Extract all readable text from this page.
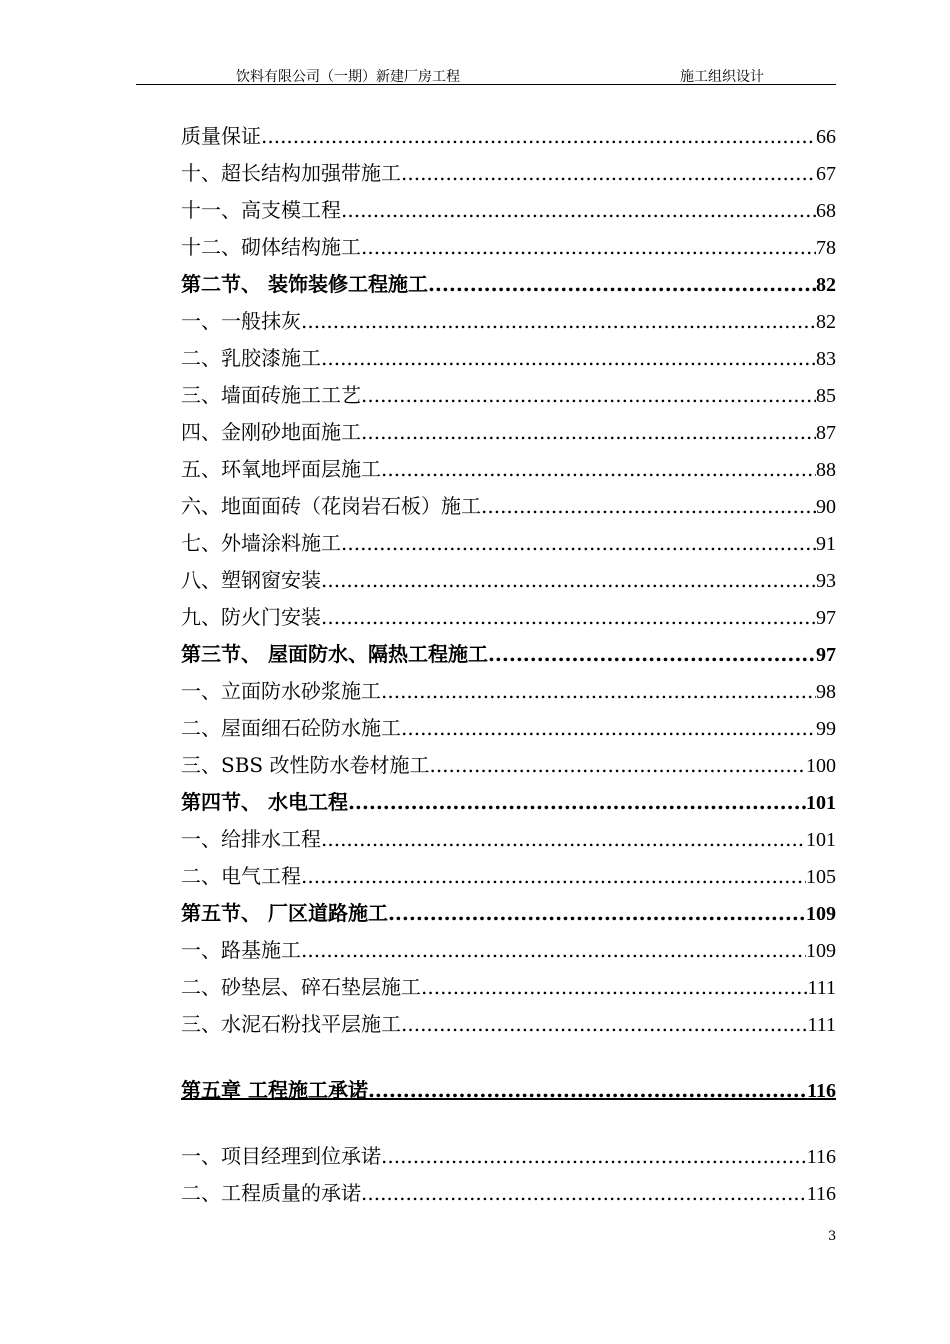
饮料有限公司（一期）新建厂房工程	施工组织设计
质量保证 .....	66
十、超长结构加强带施工 .....	67
十一、高支模工程 .....	68
十二、砌体结构施工 .....	78
第二节、 装饰装修工程施工 .....	82
一、一般抹灰 .....	82
二、乳胶漆施工 .....	83
三、墙面砖施工工艺 .....	85
四、金刚砂地面施工 .....	87
五、环氧地坪面层施工 .....	88
六、地面面砖（花岗岩石板）施工 .....	90
七、外墙涂料施工 .....	91
八、塑钢窗安装 .....	93
九、防火门安装 .....	97
第三节、 屋面防水、隔热工程施工 .....	97
一、立面防水砂浆施工 .....	98
二、屋面细石砼防水施工 .....	99
三、SBS 改性防水卷材施工 .....	100
第四节、 水电工程 .....	101
一、给排水工程 .....	101
二、电气工程 .....	105
第五节、 厂区道路施工 .....	109
一、路基施工 .....	109
二、砂垫层、碎石垫层施工 .....	111
三、水泥石粉找平层施工 .....	111
第五章 工程施工承诺 .....	116
一、项目经理到位承诺 .....	116
二、工程质量的承诺 .....	116
3
